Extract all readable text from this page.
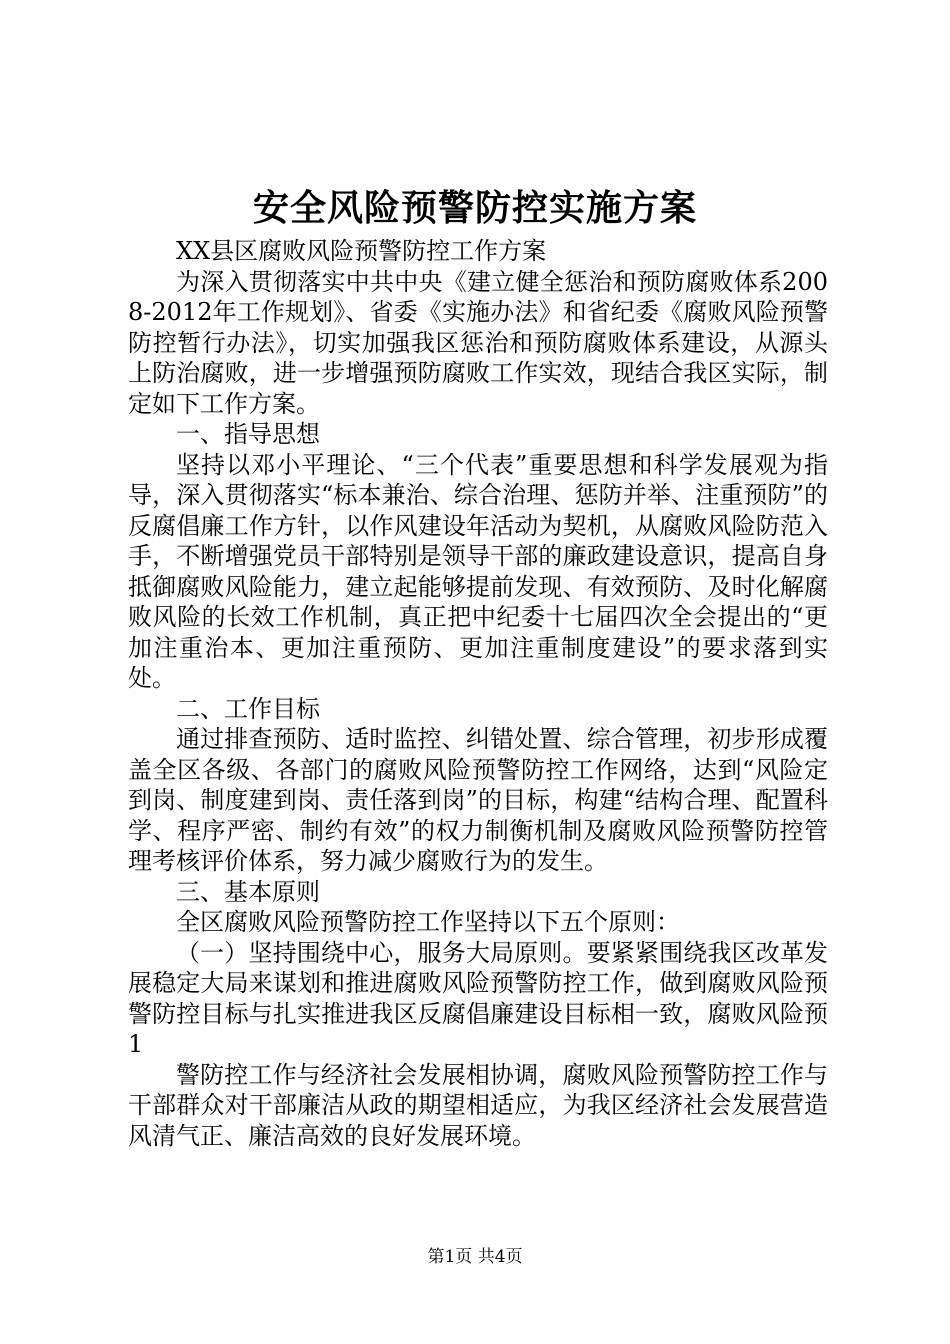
安全风险预警防控实施方案

XX县区腐败风险预警防控工作方案

为深入贯彻落实中共中央《建立健全惩治和预防腐败体系2008-2012年工作规划》、省委《实施办法》和省纪委《腐败风险预警防控暂行办法》，切实加强我区惩治和预防腐败体系建设，从源头上防治腐败，进一步增强预防腐败工作实效，现结合我区实际，制定如下工作方案。

一、指导思想

坚持以邓小平理论、“三个代表”重要思想和科学发展观为指导，深入贯彻落实“标本兼治、综合治理、惩防并举、注重预防”的反腐倡廉工作方针，以作风建设年活动为契机，从腐败风险防范入手，不断增强党员干部特别是领导干部的廉政建设意识，提高自身抵御腐败风险能力，建立起能够提前发现、有效预防、及时化解腐败风险的长效工作机制，真正把中纪委十七届四次全会提出的“更加注重治本、更加注重预防、更加注重制度建设”的要求落到实处。

二、工作目标

通过排查预防、适时监控、纠错处置、综合管理，初步形成覆盖全区各级、各部门的腐败风险预警防控工作网络，达到“风险定到岗、制度建到岗、责任落到岗”的目标，构建“结构合理、配置科学、程序严密、制约有效”的权力制衡机制及腐败风险预警防控管理考核评价体系，努力减少腐败行为的发生。

三、基本原则

全区腐败风险预警防控工作坚持以下五个原则：

（一）坚持围绕中心，服务大局原则。要紧紧围绕我区改革发展稳定大局来谋划和推进腐败风险预警防控工作，做到腐败风险预警防控目标与扎实推进我区反腐倡廉建设目标相一致，腐败风险预1

警防控工作与经济社会发展相协调，腐败风险预警防控工作与干部群众对干部廉洁从政的期望相适应，为我区经济社会发展营造风清气正、廉洁高效的良好发展环境。

第1页 共4页
